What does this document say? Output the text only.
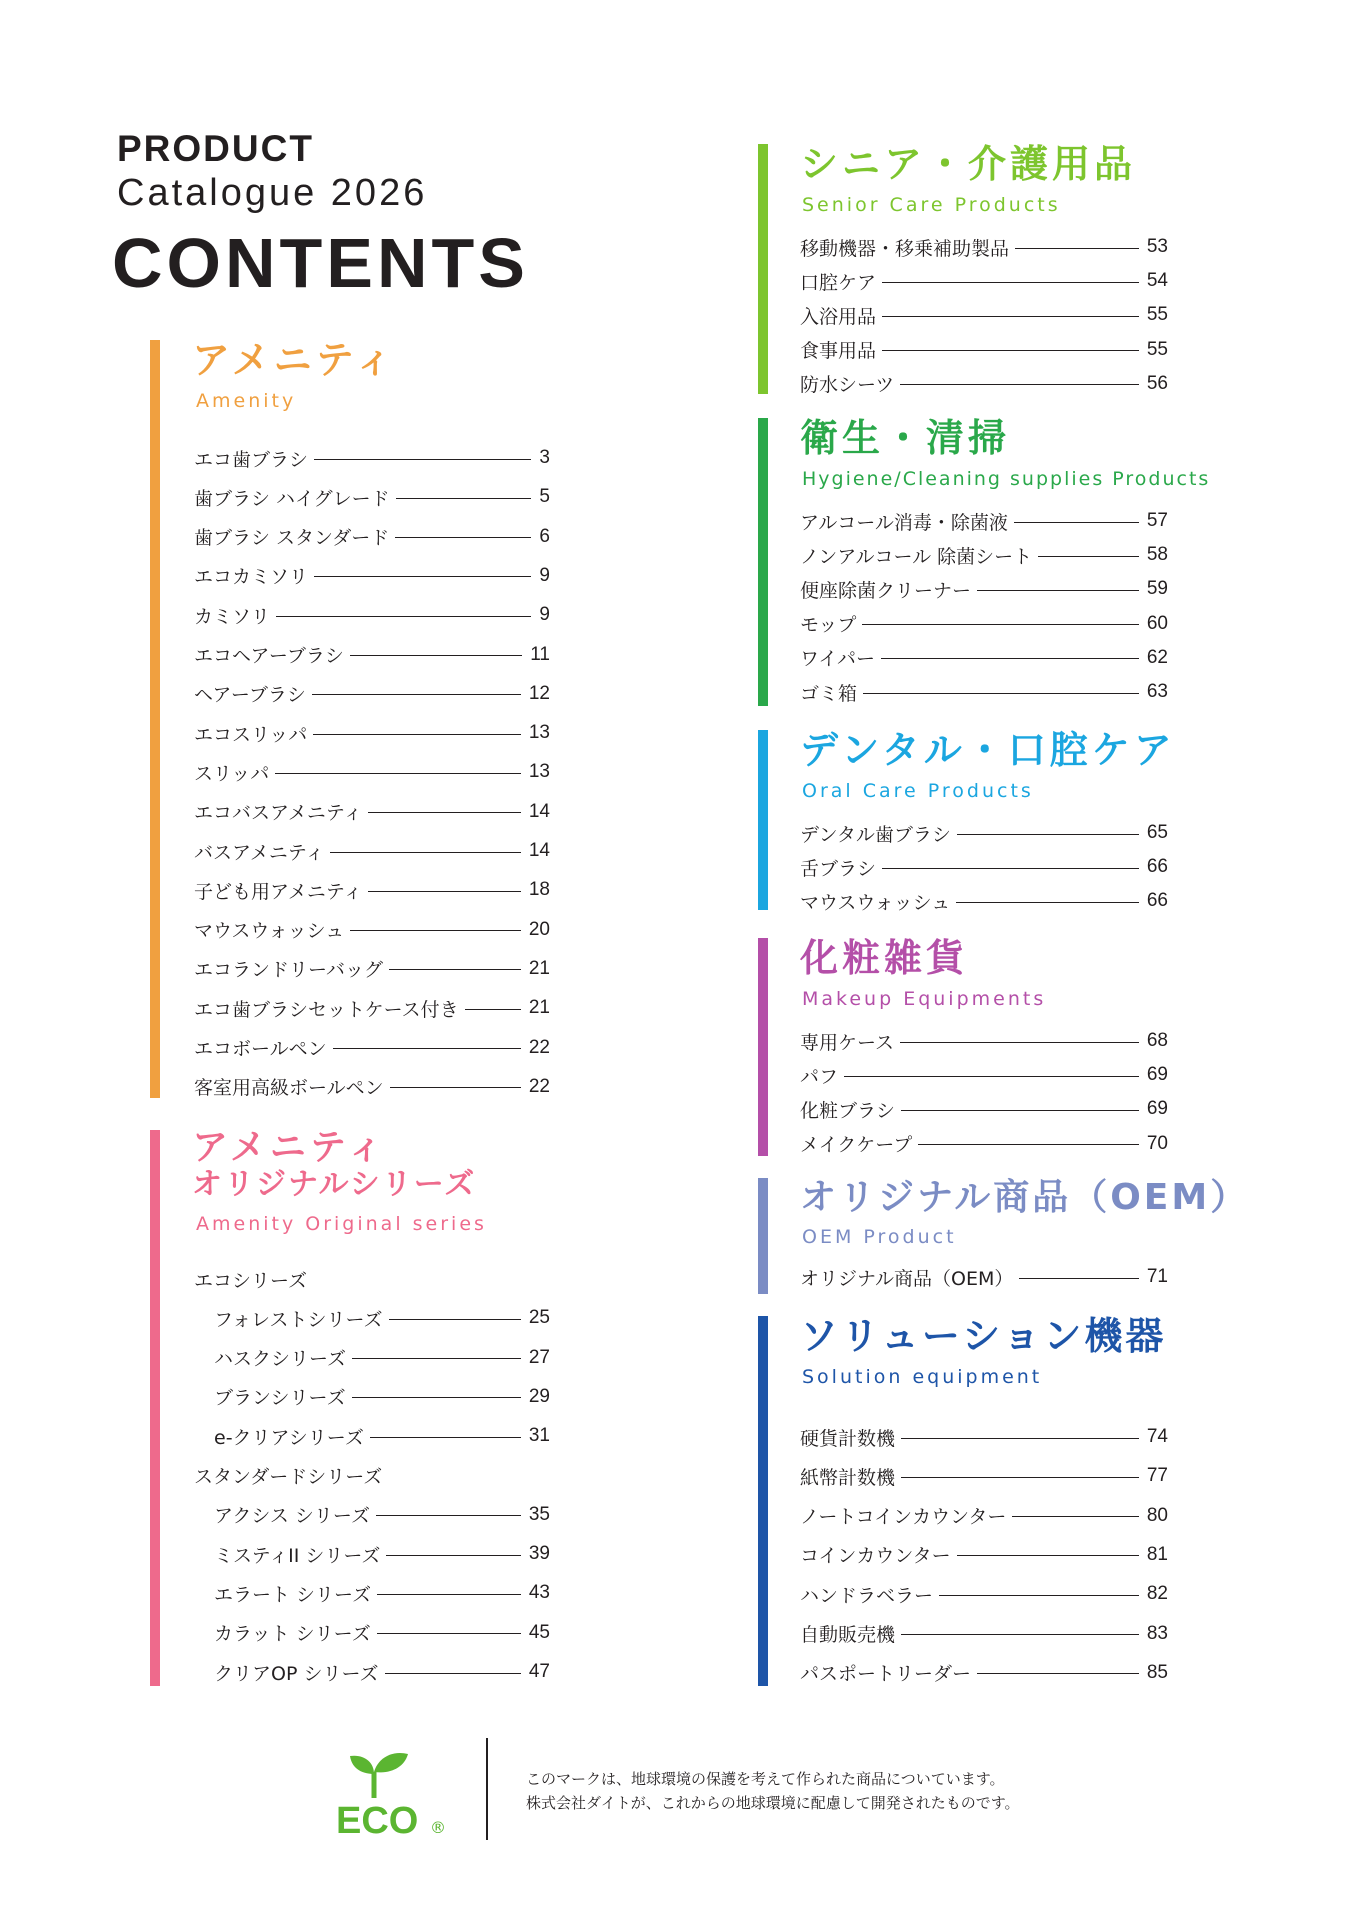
PRODUCT
Catalogue 2026
CONTENTS
アメニティ
Amenity
エコ歯ブラシ	3
歯ブラシ ハイグレード	5
歯ブラシ スタンダード	6
エコカミソリ	9
カミソリ	9
エコヘアーブラシ	11
ヘアーブラシ	12
エコスリッパ	13
スリッパ	13
エコバスアメニティ	14
バスアメニティ	14
子ども用アメニティ	18
マウスウォッシュ	20
エコランドリーバッグ	21
エコ歯ブラシセットケース付き	21
エコボールペン	22
客室用高級ボールペン	22
アメニティ
オリジナルシリーズ
Amenity Original series
エコシリーズ
フォレストシリーズ	25
ハスクシリーズ	27
ブランシリーズ	29
e-クリアシリーズ	31
スタンダードシリーズ
アクシス シリーズ	35
ミスティII シリーズ	39
エラート シリーズ	43
カラット シリーズ	45
クリアOP シリーズ	47
シニア・介護用品
Senior Care Products
移動機器・移乗補助製品	53
口腔ケア	54
入浴用品	55
食事用品	55
防水シーツ	56
衛生・清掃
Hygiene/Cleaning supplies Products
アルコール消毒・除菌液	57
ノンアルコール 除菌シート	58
便座除菌クリーナー	59
モップ	60
ワイパー	62
ゴミ箱	63
デンタル・口腔ケア
Oral Care Products
デンタル歯ブラシ	65
舌ブラシ	66
マウスウォッシュ	66
化粧雑貨
Makeup Equipments
専用ケース	68
パフ	69
化粧ブラシ	69
メイクケープ	70
オリジナル商品（OEM）
OEM Product
オリジナル商品（OEM）	71
ソリューション機器
Solution equipment
硬貨計数機	74
紙幣計数機	77
ノートコインカウンター	80
コインカウンター	81
ハンドラベラー	82
自動販売機	83
パスポートリーダー	85
ECO ®
このマークは、地球環境の保護を考えて作られた商品についています。
株式会社ダイトが、これからの地球環境に配慮して開発されたものです。
